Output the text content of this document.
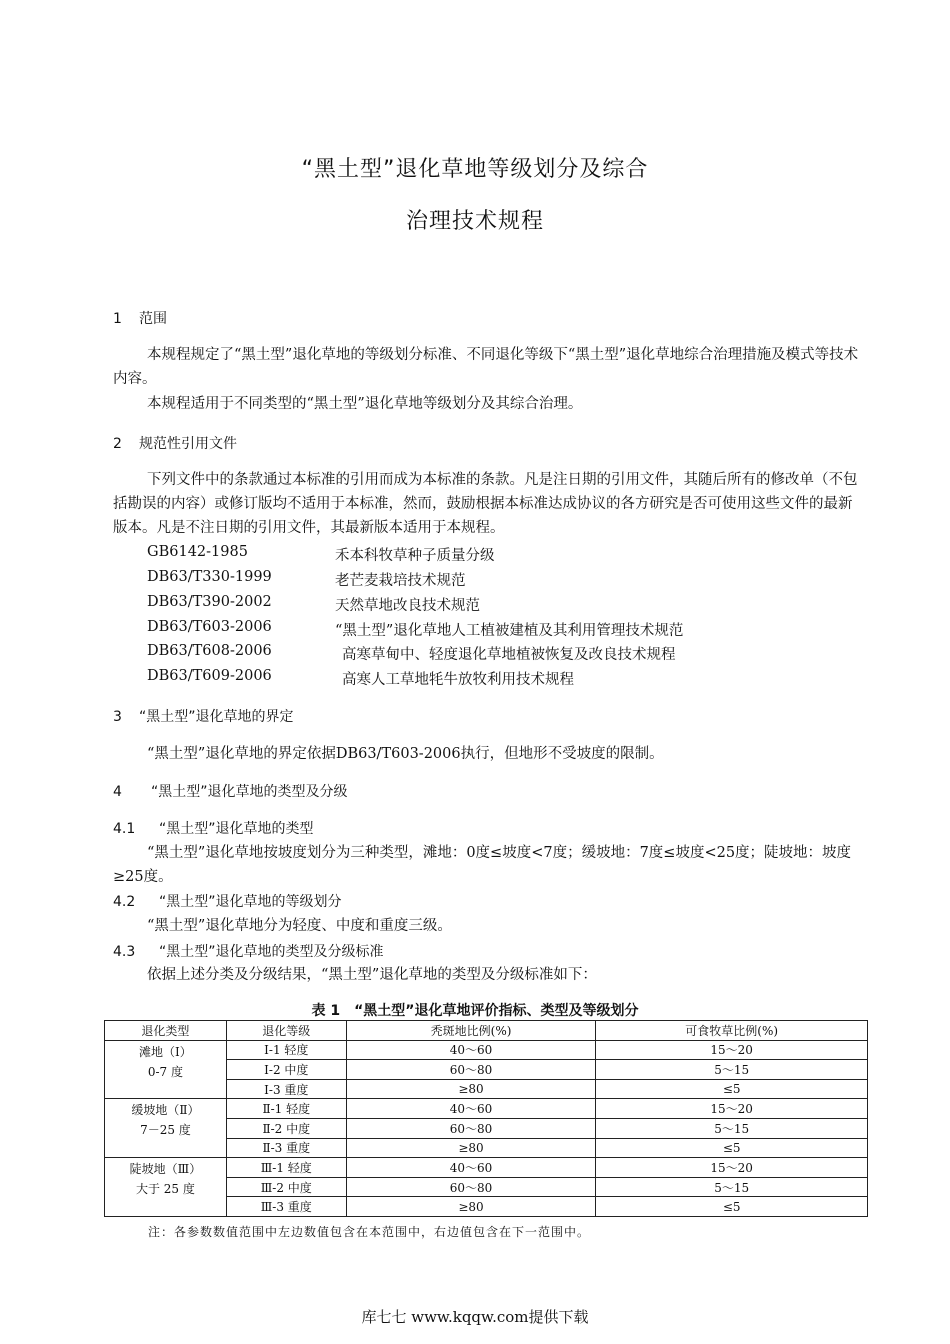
“黑土型”退化草地等级划分及综合
治理技术规程
1 范围
本规程规定了“黑土型”退化草地的等级划分标准、不同退化等级下“黑土型”退化草地综合治理措施及模式等技术内容。
本规程适用于不同类型的“黑土型”退化草地等级划分及其综合治理。
2 规范性引用文件
下列文件中的条款通过本标准的引用而成为本标准的条款。凡是注日期的引用文件，其随后所有的修改单（不包括勘误的内容）或修订版均不适用于本标准，然而，鼓励根据本标准达成协议的各方研究是否可使用这些文件的最新版本。凡是不注日期的引用文件，其最新版本适用于本规程。
GB6142-1985	禾本科牧草种子质量分级
DB63/T330-1999	老芒麦栽培技术规范
DB63/T390-2002	天然草地改良技术规范
DB63/T603-2006	“黑土型”退化草地人工植被建植及其利用管理技术规范
DB63/T608-2006	高寒草甸中、轻度退化草地植被恢复及改良技术规程
DB63/T609-2006	高寒人工草地牦牛放牧利用技术规程
3 “黑土型”退化草地的界定
“黑土型”退化草地的界定依据DB63/T603-2006执行，但地形不受坡度的限制。
4 “黑土型”退化草地的类型及分级
4.1 “黑土型”退化草地的类型
“黑土型”退化草地按坡度划分为三种类型，滩地：0度≤坡度<7度；缓坡地：7度≤坡度<25度；陡坡地：坡度≥25度。
4.2 “黑土型”退化草地的等级划分
“黑土型”退化草地分为轻度、中度和重度三级。
4.3 “黑土型”退化草地的类型及分级标准
依据上述分类及分级结果，“黑土型”退化草地的类型及分级标准如下：
表 1　“黑土型”退化草地评价指标、类型及等级划分
退化类型	退化等级	秃斑地比例(%)	可食牧草比例(%)

滩地（Ⅰ）
0-7 度	Ⅰ-1 轻度	40～60	15～20
	Ⅰ-2 中度	60～80	5～15
	Ⅰ-3 重度	≥80	≤5

缓坡地（Ⅱ）
7－25 度	Ⅱ-1 轻度	40～60	15～20
	Ⅱ-2 中度	60～80	5～15
	Ⅱ-3 重度	≥80	≤5

陡坡地（Ⅲ）
大于 25 度	Ⅲ-1 轻度	40～60	15～20
	Ⅲ-2 中度	60～80	5～15
	Ⅲ-3 重度	≥80	≤5
注：各参数数值范围中左边数值包含在本范围中，右边值包含在下一范围中。
库七七 www.kqqw.com提供下载
